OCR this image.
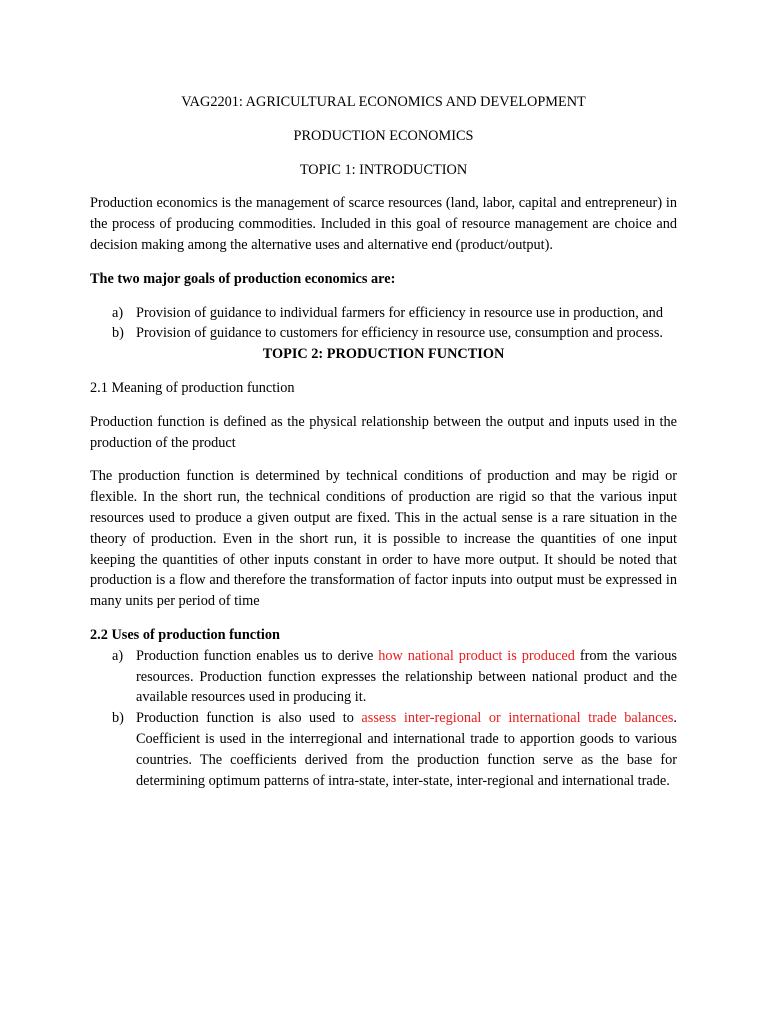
VAG2201: AGRICULTURAL ECONOMICS AND DEVELOPMENT

PRODUCTION ECONOMICS

TOPIC 1: INTRODUCTION

Production economics is the management of scarce resources (land, labor, capital and entrepreneur) in the process of producing commodities. Included in this goal of resource management are choice and decision making among the alternative uses and alternative end (product/output).

The two major goals of production economics are:

a) Provision of guidance to individual farmers for efficiency in resource use in production, and
b) Provision of guidance to customers for efficiency in resource use, consumption and process.

TOPIC 2: PRODUCTION FUNCTION

2.1 Meaning of production function

Production function is defined as the physical relationship between the output and inputs used in the production of the product

The production function is determined by technical conditions of production and may be rigid or flexible. In the short run, the technical conditions of production are rigid so that the various input resources used to produce a given output are fixed. This in the actual sense is a rare situation in the theory of production. Even in the short run, it is possible to increase the quantities of one input keeping the quantities of other inputs constant in order to have more output. It should be noted that production is a flow and therefore the transformation of factor inputs into output must be expressed in many units per period of time

2.2 Uses of production function

a) Production function enables us to derive how national product is produced from the various resources. Production function expresses the relationship between national product and the available resources used in producing it.
b) Production function is also used to assess inter-regional or international trade balances. Coefficient is used in the interregional and international trade to apportion goods to various countries. The coefficients derived from the production function serve as the base for determining optimum patterns of intra-state, inter-state, inter-regional and international trade.
